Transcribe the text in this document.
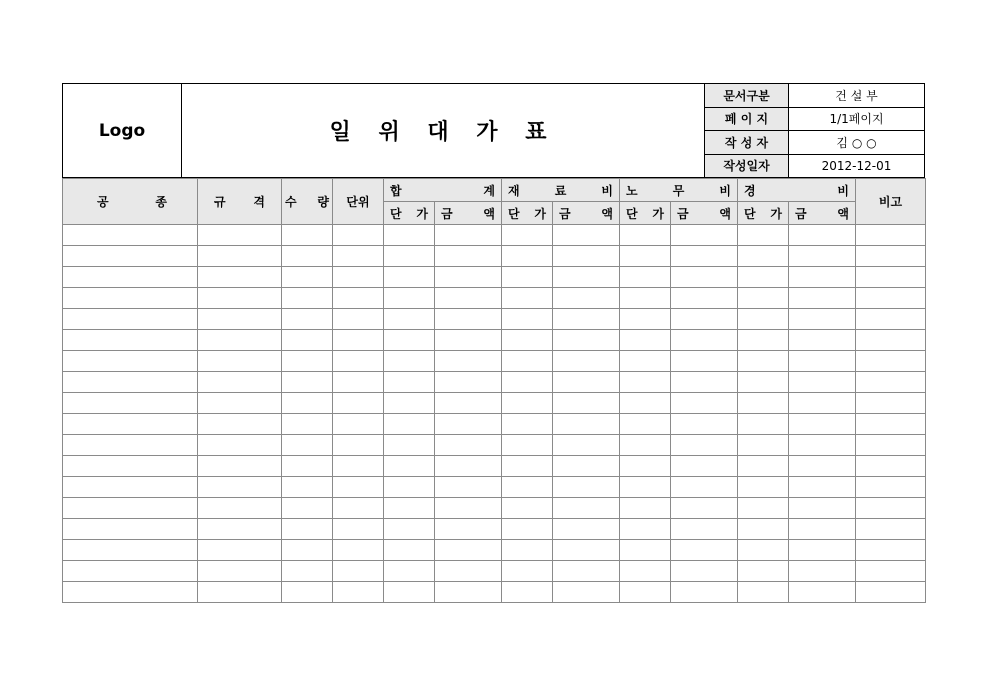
Logo	일 위 대 가 표
문서구분	건 설 부
페 이 지	1/1페이지
작 성 자	김 ○ ○
작성일자	2012-12-01
공 종	규 격	수 량	단위	합 계		재 료 비		노 무 비		경 비		비고

				단 가	금 액	단 가	금 액	단 가	금 액	단 가	금 액	
